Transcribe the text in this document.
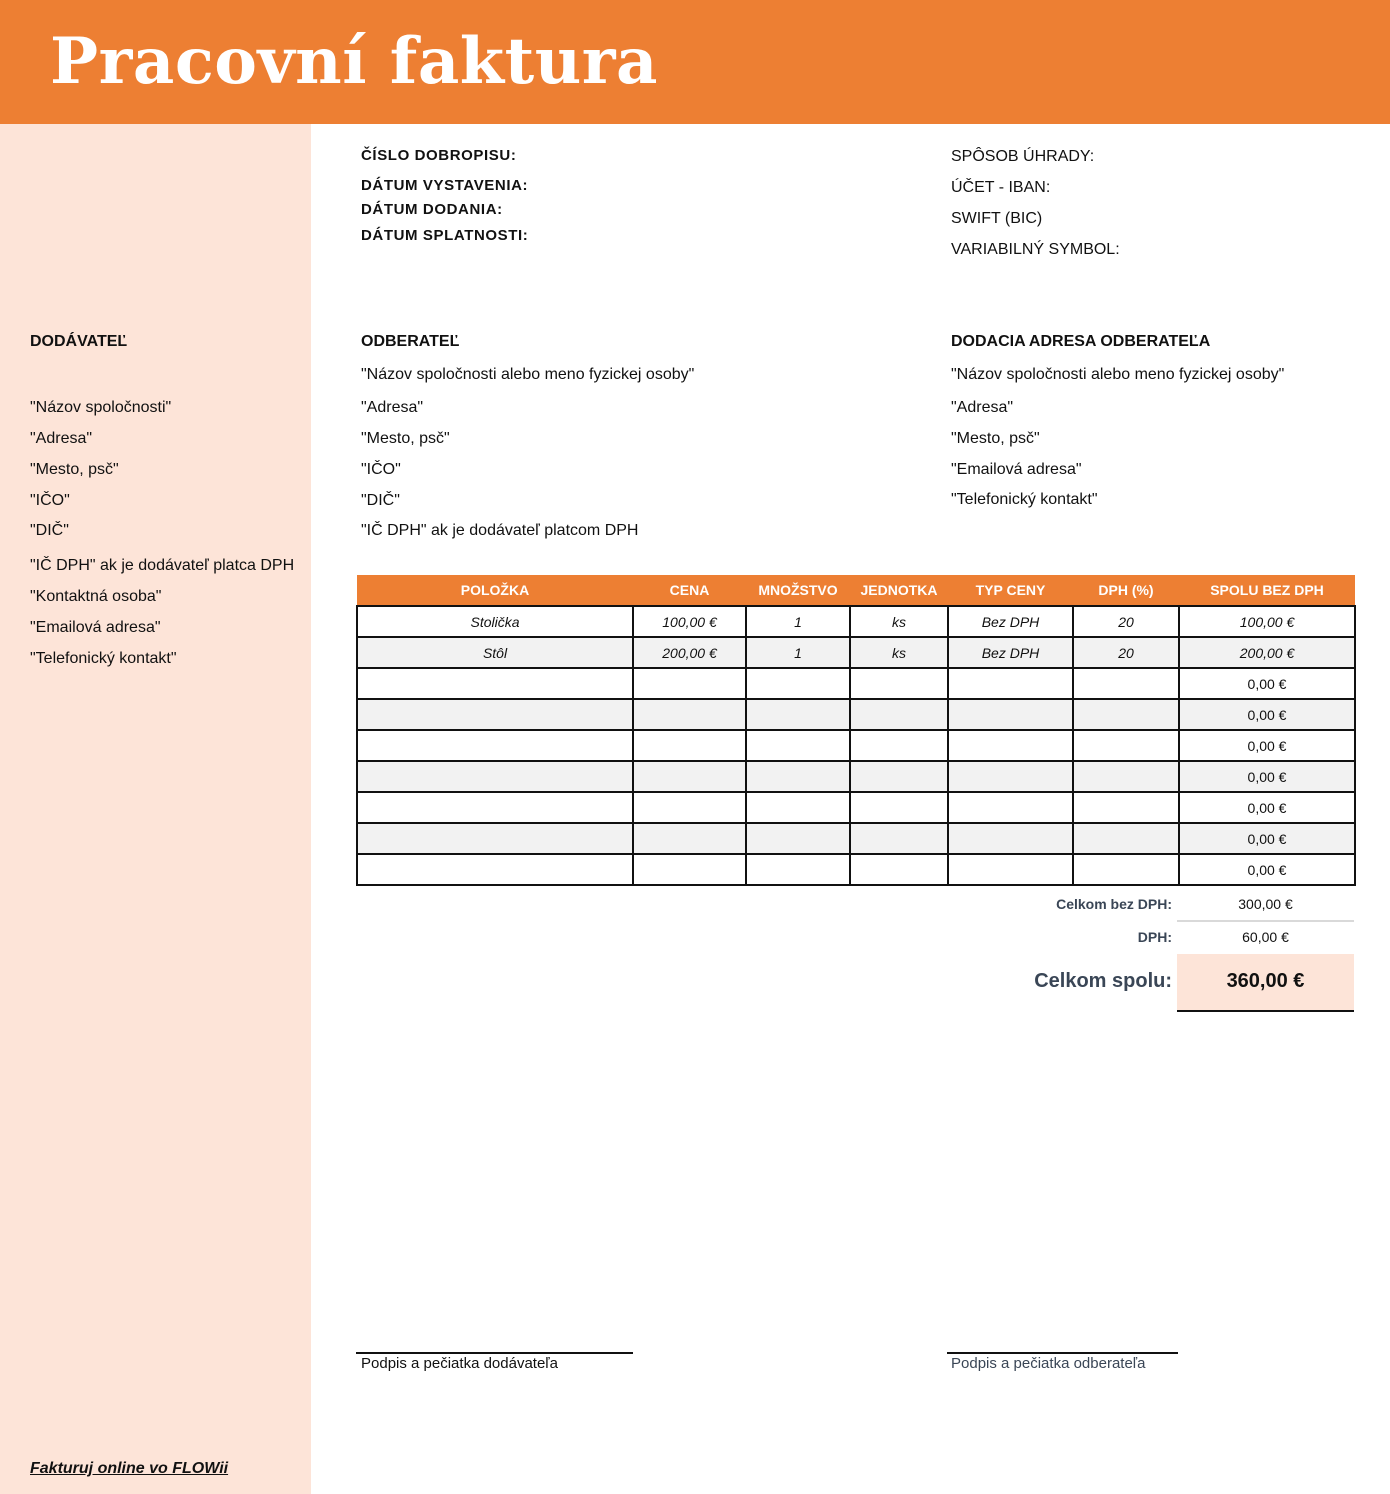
Pracovní faktura
ČÍSLO DOBROPISU:
DÁTUM VYSTAVENIA:
DÁTUM DODANIA:
DÁTUM SPLATNOSTI:
SPÔSOB ÚHRADY:
ÚČET - IBAN:
SWIFT (BIC)
VARIABILNÝ SYMBOL:
DODÁVATEĽ
"Názov spoločnosti"
"Adresa"
"Mesto, psč"
"IČO"
"DIČ"
"IČ DPH" ak je dodávateľ platca DPH
"Kontaktná osoba"
"Emailová adresa"
"Telefonický kontakt"
ODBERATEĽ
"Názov spoločnosti alebo meno fyzickej osoby"
"Adresa"
"Mesto, psč"
"IČO"
"DIČ"
"IČ DPH" ak je dodávateľ platcom DPH
DODACIA ADRESA ODBERATEĽA
"Názov spoločnosti alebo meno fyzickej osoby"
"Adresa"
"Mesto, psč"
"Emailová adresa"
"Telefonický kontakt"
POLOŽKA	CENA	MNOŽSTVO	JEDNOTKA	TYP CENY	DPH (%)	SPOLU BEZ DPH
Stolička	100,00 €	1	ks	Bez DPH	20	100,00 €
Stôl	200,00 €	1	ks	Bez DPH	20	200,00 €
						0,00 €
						0,00 €
						0,00 €
						0,00 €
						0,00 €
						0,00 €
						0,00 €
Celkom bez DPH:	300,00 €
DPH:	60,00 €
Celkom spolu:	360,00 €
Podpis a pečiatka dodávateľa	Podpis a pečiatka odberateľa
Fakturuj online vo FLOWii
